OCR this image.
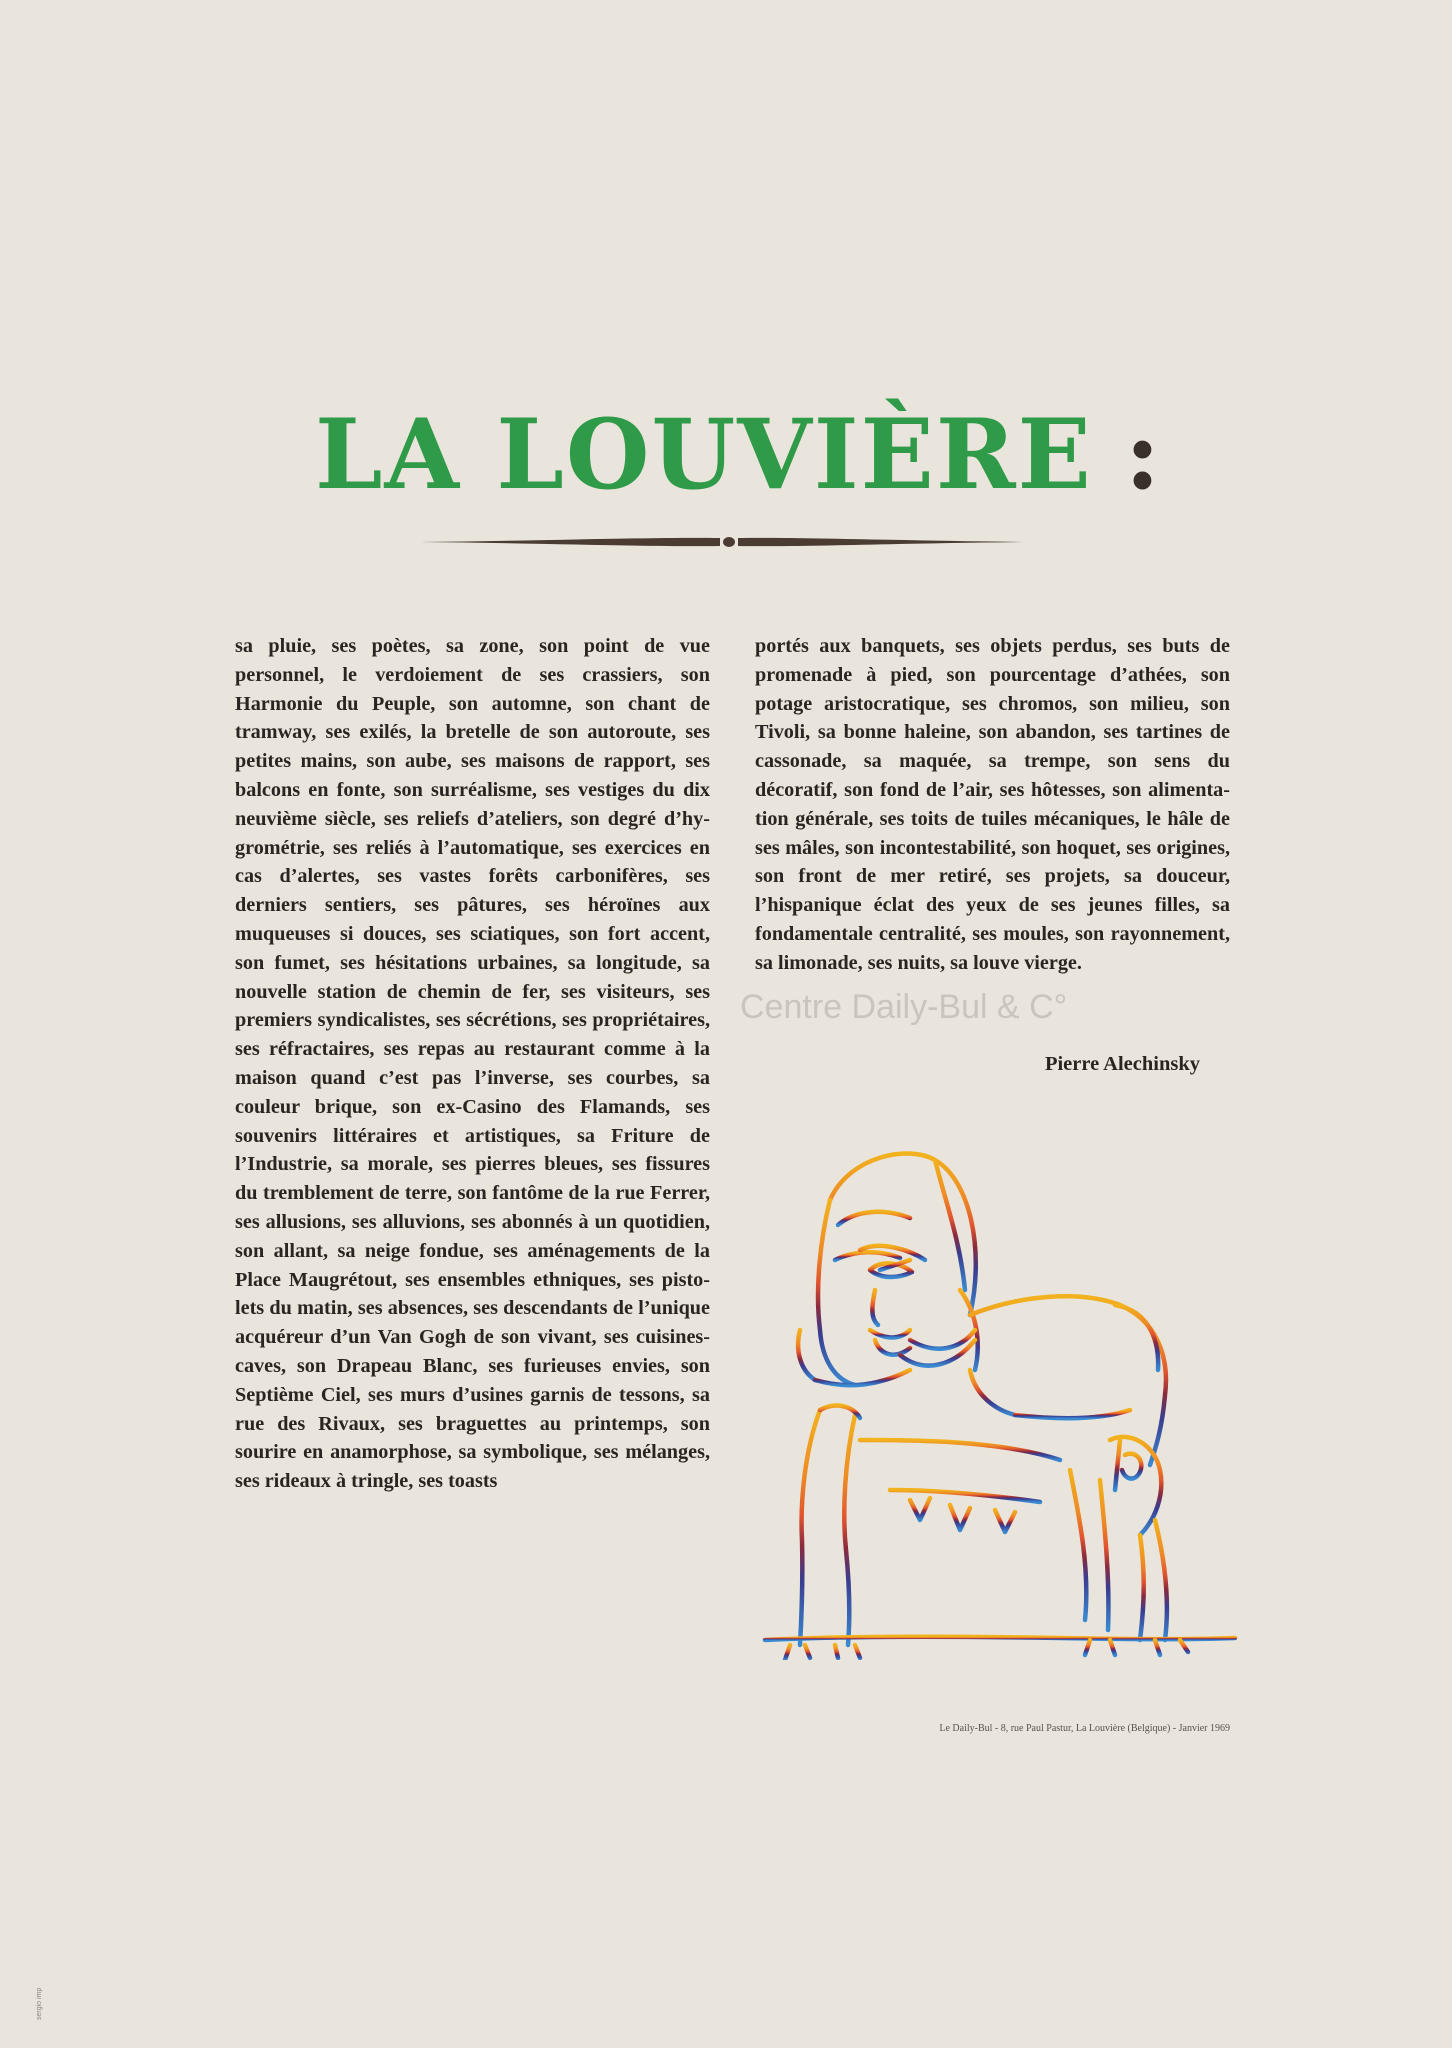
LA LOUVIÈRE :
sa pluie, ses poètes, sa zone, son point de vue personnel, le verdoiement de ses crassiers, son Harmonie du Peuple, son automne, son chant de tramway, ses exilés, la bretelle de son autoroute, ses petites mains, son aube, ses maisons de rapport, ses balcons en fonte, son surréalisme, ses vestiges du dix neuvième siècle, ses reliefs d’ateliers, son degré d’hygrométrie, ses reliés à l’automatique, ses exercices en cas d’alertes, ses vastes forêts carbonifères, ses derniers sentiers, ses pâtures, ses héroïnes aux muqueuses si douces, ses sciatiques, son fort accent, son fumet, ses hésitations urbaines, sa longitude, sa nouvelle station de chemin de fer, ses visiteurs, ses premiers syndicalistes, ses sécrétions, ses propriétaires, ses réfractaires, ses repas au restaurant comme à la maison quand c’est pas l’inverse, ses courbes, sa couleur brique, son ex-Casino des Flamands, ses souvenirs littéraires et artistiques, sa Friture de l’Industrie, sa morale, ses pierres bleues, ses fissures du tremblement de terre, son fantôme de la rue Ferrer, ses allusions, ses alluvions, ses abonnés à un quotidien, son allant, sa neige fondue, ses aménagements de la Place Maugrétout, ses ensembles ethniques, ses pistolets du matin, ses absences, ses descendants de l’unique acquéreur d’un Van Gogh de son vivant, ses cuisines-caves, son Drapeau Blanc, ses furieuses envies, son Septième Ciel, ses murs d’usines garnis de tessons, sa rue des Rivaux, ses braguettes au printemps, son sourire en anamorphose, sa symbolique, ses mélanges, ses rideaux à tringle, ses toasts
portés aux banquets, ses objets perdus, ses buts de promenade à pied, son pourcentage d’athées, son potage aristocratique, ses chromos, son milieu, son Tivoli, sa bonne haleine, son abandon, ses tartines de cassonade, sa maquée, sa trempe, son sens du décoratif, son fond de l’air, ses hôtesses, son alimentation générale, ses toits de tuiles mécaniques, le hâle de ses mâles, son incontestabilité, son hoquet, ses origines, son front de mer retiré, ses projets, sa douceur, l’hispanique éclat des yeux de ses jeunes filles, sa fondamentale centralité, ses moules, son rayonnement, sa limonade, ses nuits, sa louve vierge.
Pierre Alechinsky
Centre Daily-Bul & C°
Le Daily-Bul - 8, rue Paul Pastur, La Louvière (Belgique) - Janvier 1969
sergio imp
